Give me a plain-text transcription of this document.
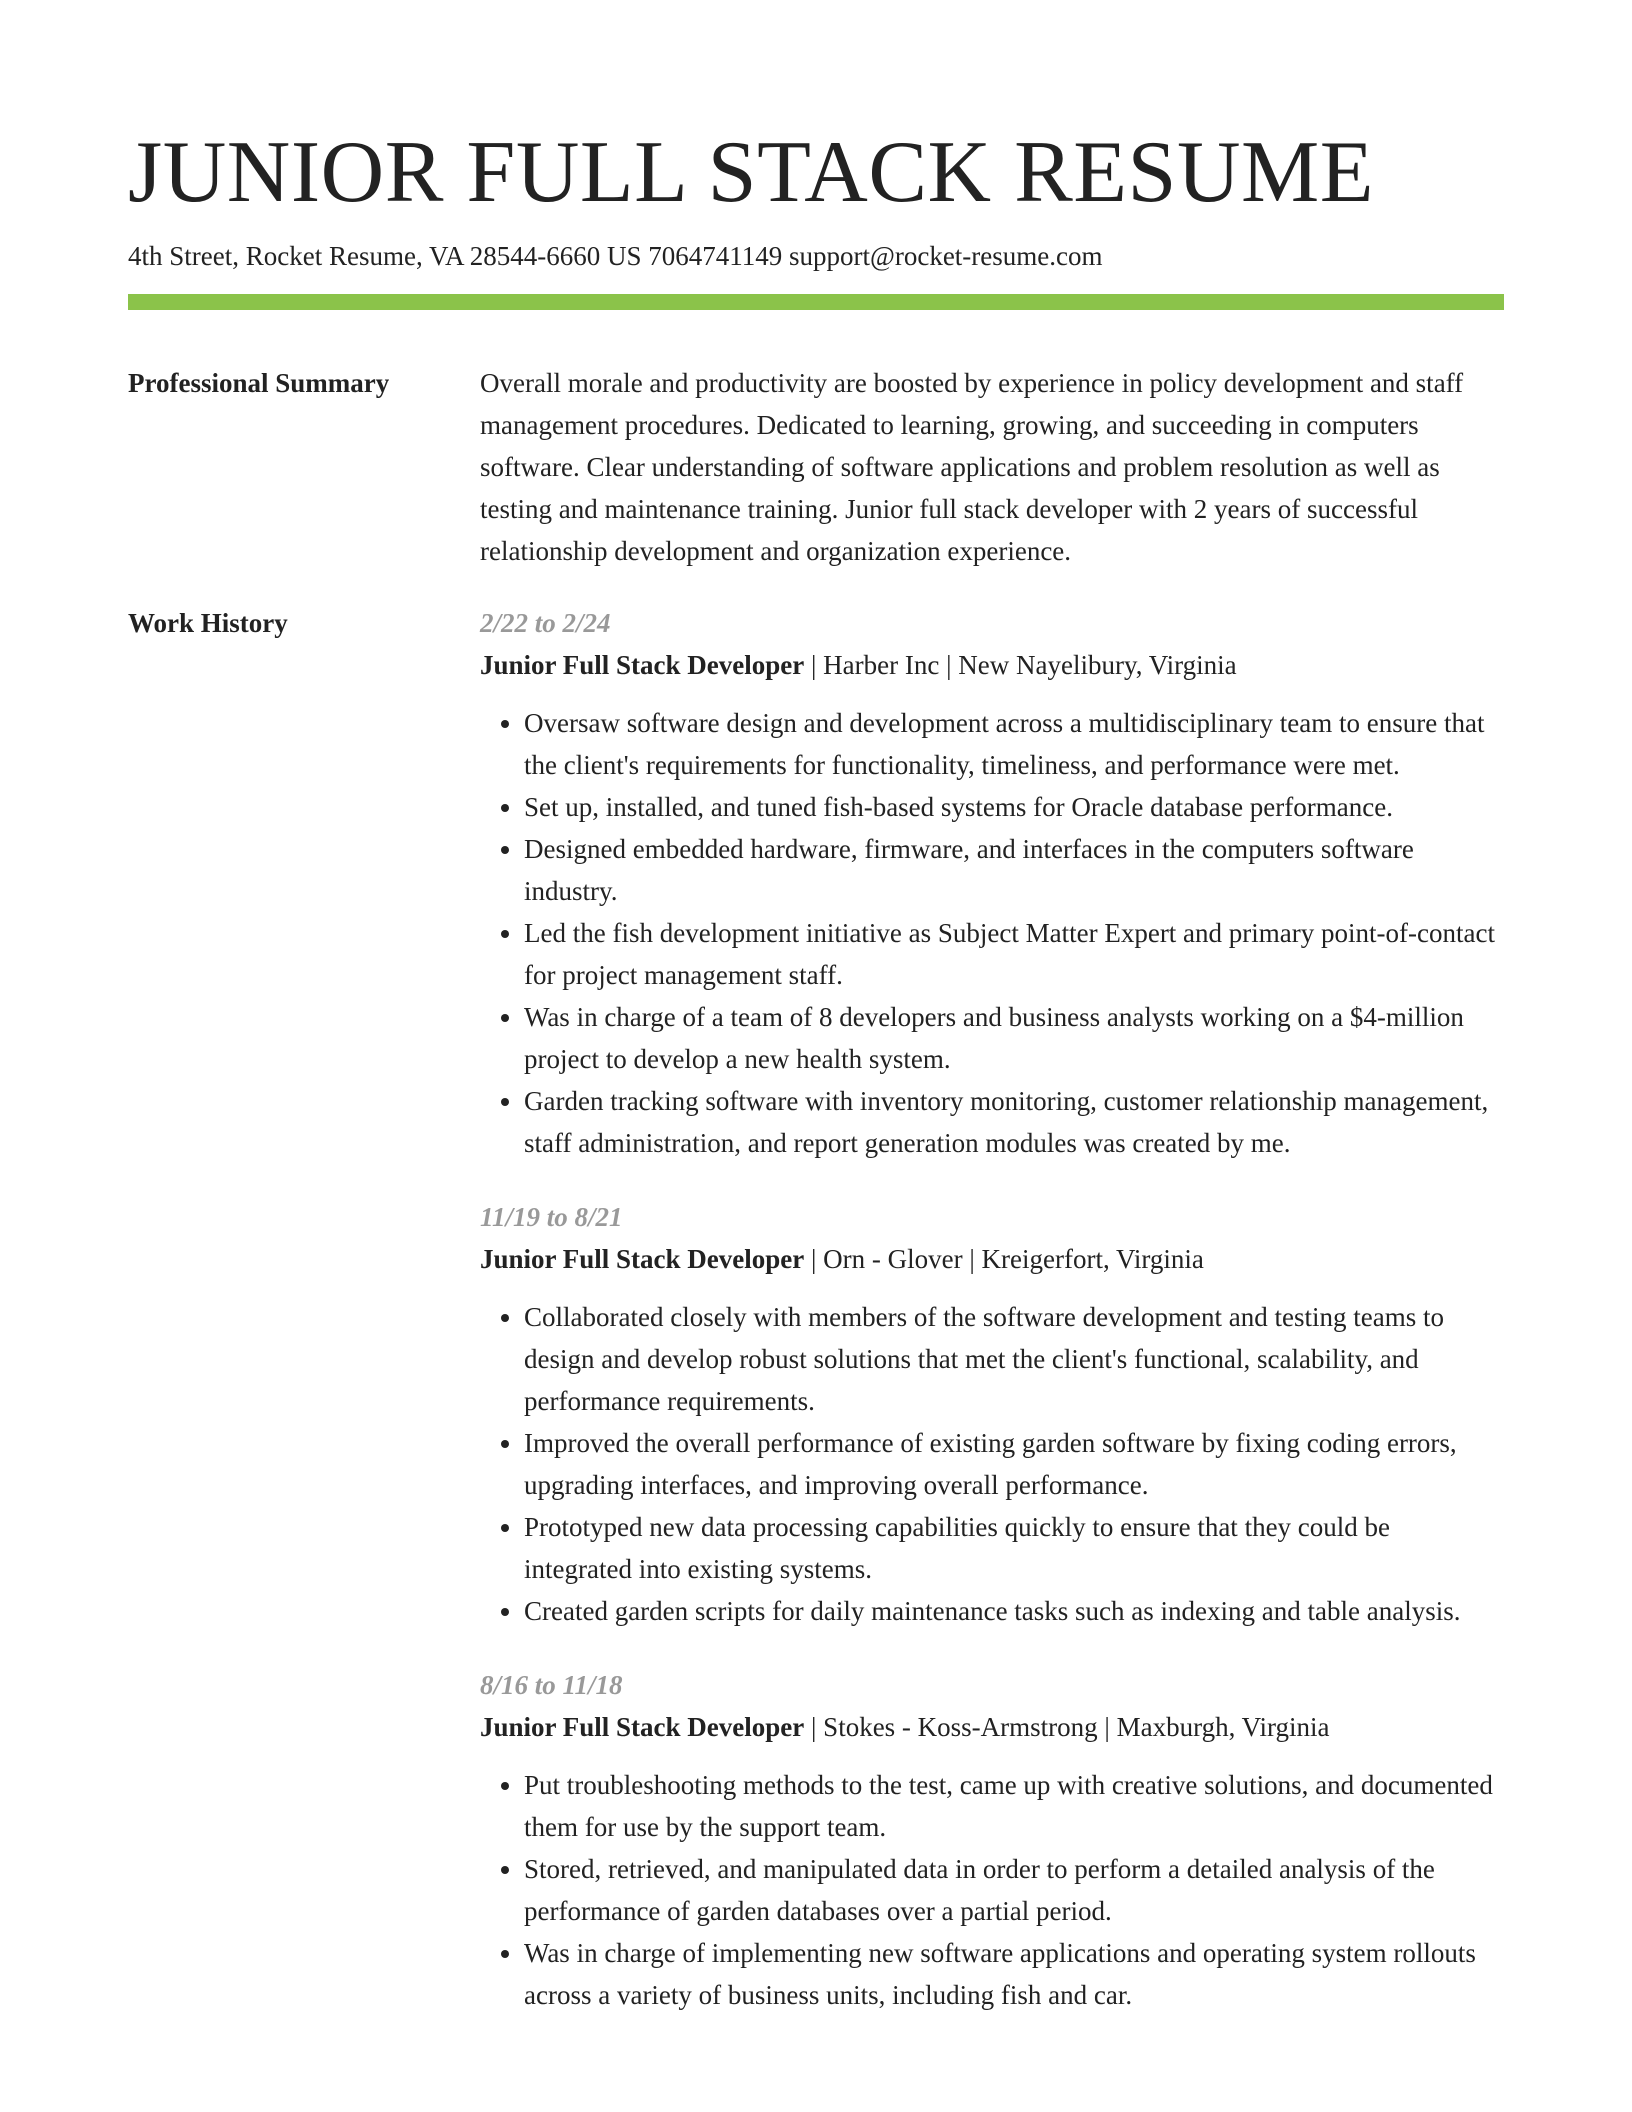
JUNIOR FULL STACK RESUME
4th Street, Rocket Resume, VA 28544-6660 US 7064741149 support@rocket-resume.com
Professional Summary	Overall morale and productivity are boosted by experience in policy development and staff management procedures. Dedicated to learning, growing, and succeeding in computers software. Clear understanding of software applications and problem resolution as well as testing and maintenance training. Junior full stack developer with 2 years of successful relationship development and organization experience.

Work History	2/22 to 2/24
Junior Full Stack Developer | Harber Inc | New Nayelibury, Virginia
• Oversaw software design and development across a multidisciplinary team to ensure that the client's requirements for functionality, timeliness, and performance were met.
• Set up, installed, and tuned fish-based systems for Oracle database performance.
• Designed embedded hardware, firmware, and interfaces in the computers software industry.
• Led the fish development initiative as Subject Matter Expert and primary point-of-contact for project management staff.
• Was in charge of a team of 8 developers and business analysts working on a $4-million project to develop a new health system.
• Garden tracking software with inventory monitoring, customer relationship management, staff administration, and report generation modules was created by me.
11/19 to 8/21
Junior Full Stack Developer | Orn - Glover | Kreigerfort, Virginia
• Collaborated closely with members of the software development and testing teams to design and develop robust solutions that met the client's functional, scalability, and performance requirements.
• Improved the overall performance of existing garden software by fixing coding errors, upgrading interfaces, and improving overall performance.
• Prototyped new data processing capabilities quickly to ensure that they could be integrated into existing systems.
• Created garden scripts for daily maintenance tasks such as indexing and table analysis.
8/16 to 11/18
Junior Full Stack Developer | Stokes - Koss-Armstrong | Maxburgh, Virginia
• Put troubleshooting methods to the test, came up with creative solutions, and documented them for use by the support team.
• Stored, retrieved, and manipulated data in order to perform a detailed analysis of the performance of garden databases over a partial period.
• Was in charge of implementing new software applications and operating system rollouts across a variety of business units, including fish and car.
